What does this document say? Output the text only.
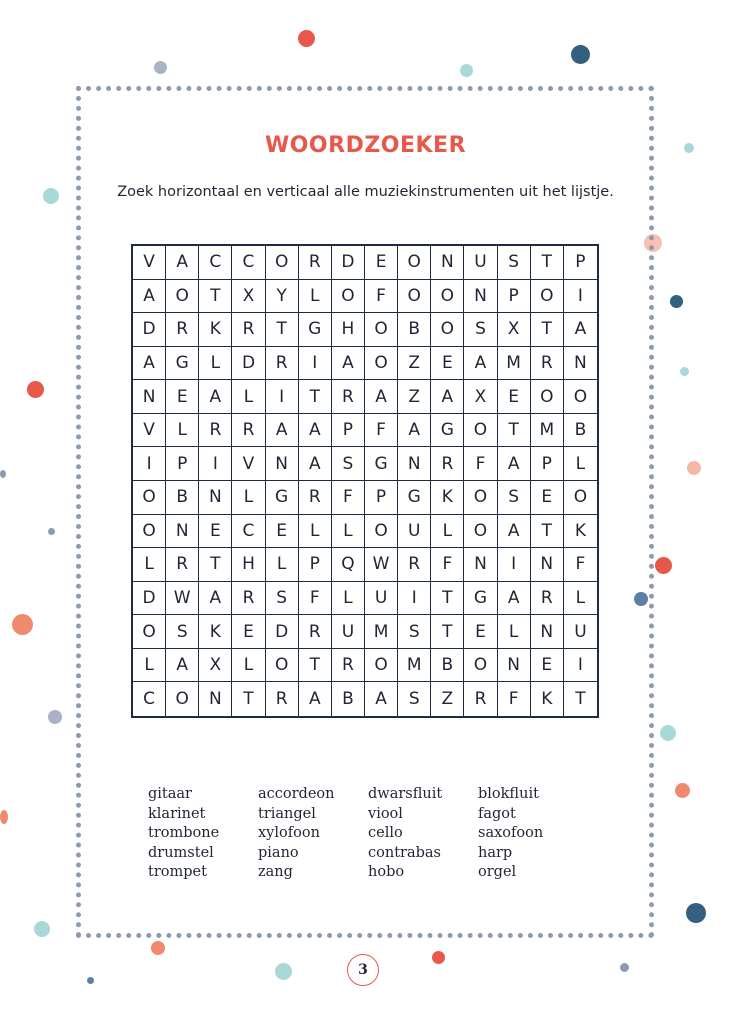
WOORDZOEKER
Zoek horizontaal en verticaal alle muziekinstrumenten uit het lijstje.
V	A	C	C	O	R	D	E	O	N	U	S	T	P
A	O	T	X	Y	L	O	F	O	O	N	P	O	I
D	R	K	R	T	G	H	O	B	O	S	X	T	A
A	G	L	D	R	I	A	O	Z	E	A	M	R	N
N	E	A	L	I	T	R	A	Z	A	X	E	O	O
V	L	R	R	A	A	P	F	A	G	O	T	M	B
I	P	I	V	N	A	S	G	N	R	F	A	P	L
O	B	N	L	G	R	F	P	G	K	O	S	E	O
O	N	E	C	E	L	L	O	U	L	O	A	T	K
L	R	T	H	L	P	Q	W	R	F	N	I	N	F
D	W	A	R	S	F	L	U	I	T	G	A	R	L
O	S	K	E	D	R	U	M	S	T	E	L	N	U
L	A	X	L	O	T	R	O	M	B	O	N	E	I
C	O	N	T	R	A	B	A	S	Z	R	F	K	T
gitaar
klarinet
trombone
drumstel
trompet
accordeon
triangel
xylofoon
piano
zang
dwarsfluit
viool
cello
contrabas
hobo
blokfluit
fagot
saxofoon
harp
orgel
3
